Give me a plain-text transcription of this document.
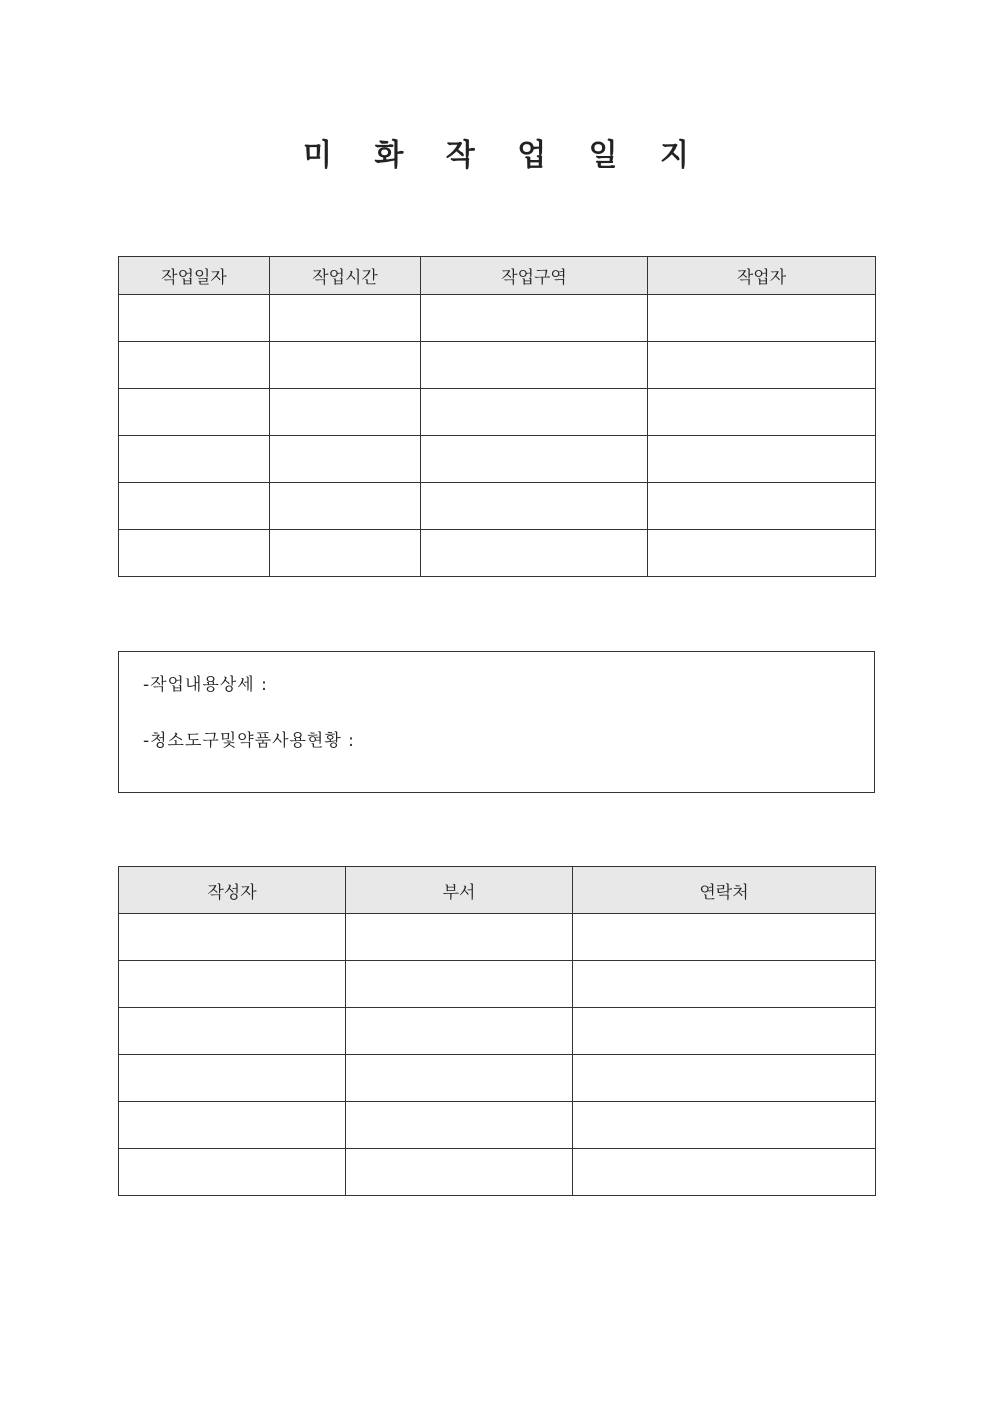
미 화 작 업 일 지
작업일자	작업시간	작업구역	작업자

-작업내용상세 :
-청소도구및약품사용현황 :
작성자	부서	연락처
